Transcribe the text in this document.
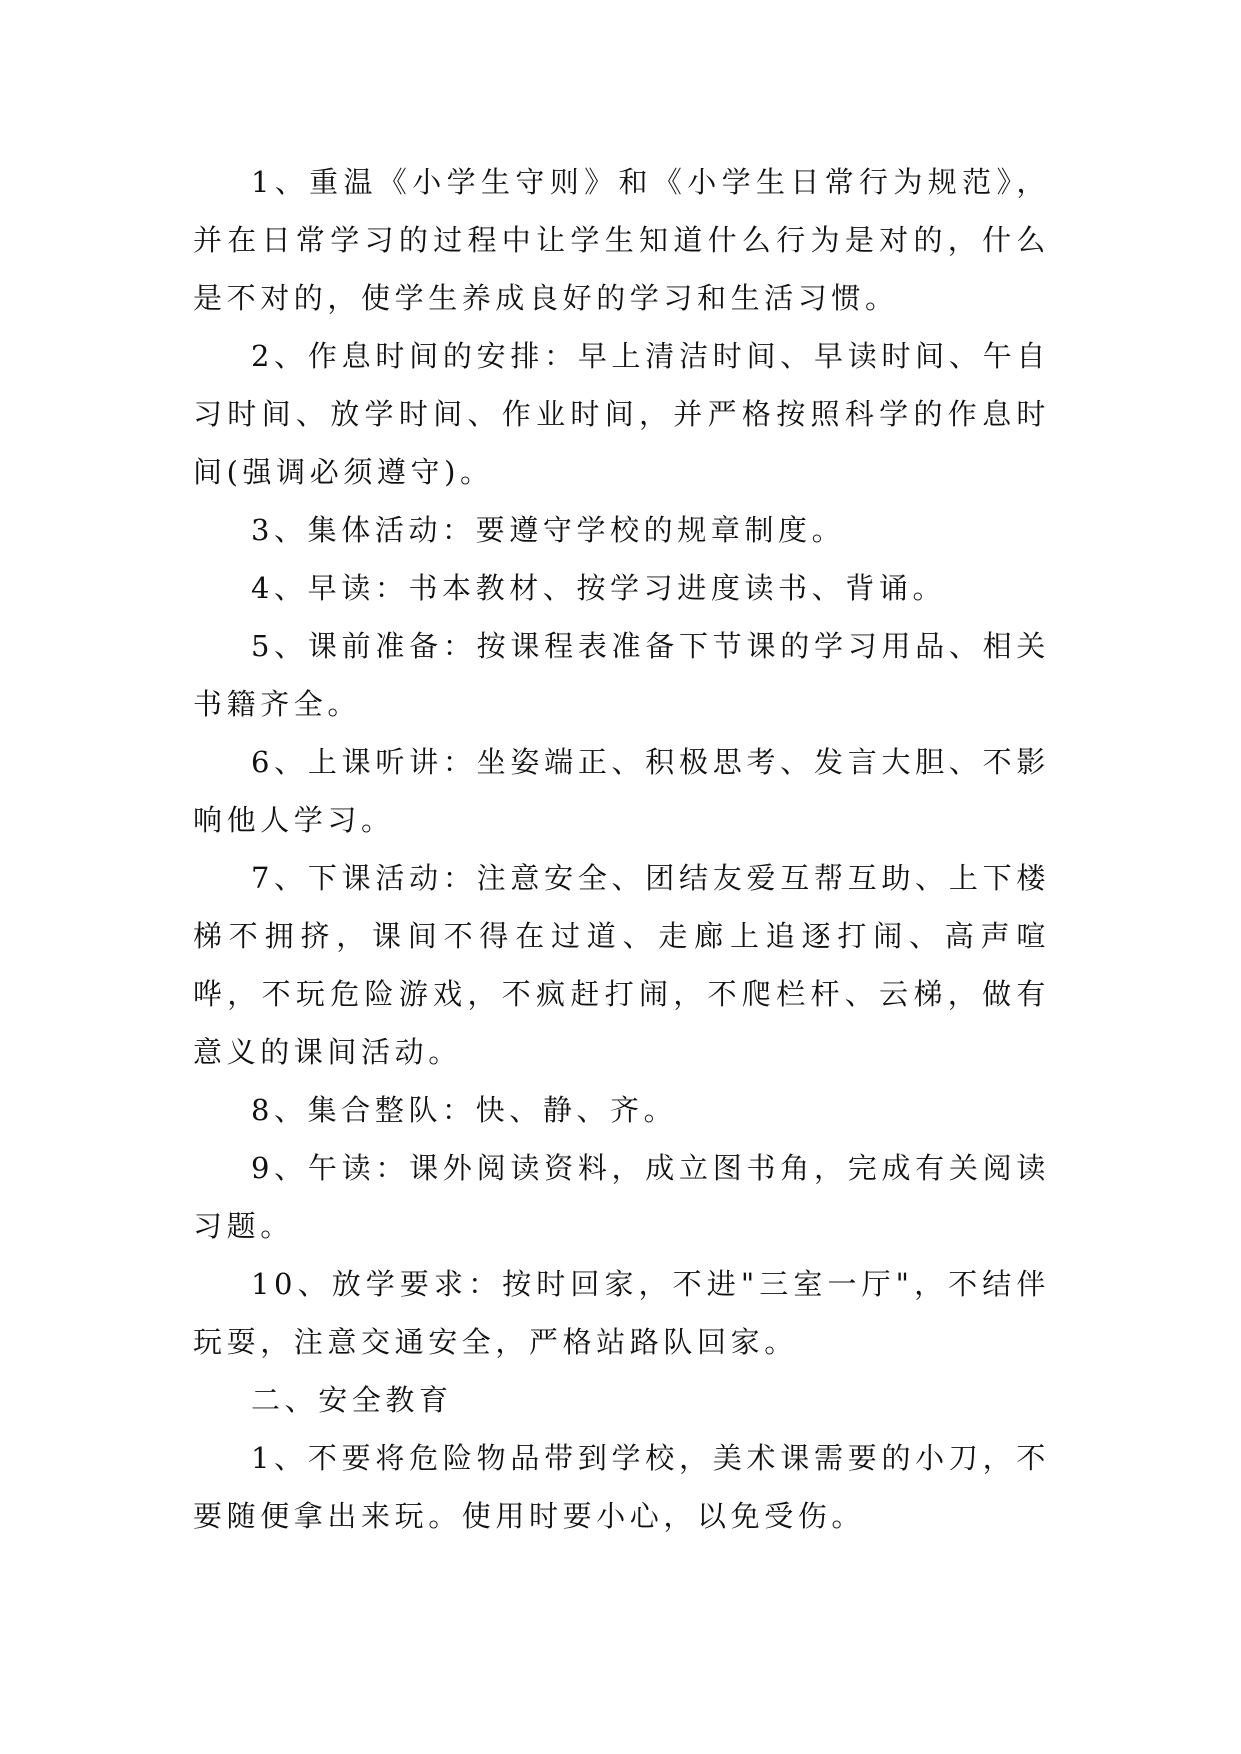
1、重温《小学生守则》和《小学生日常行为规范》，并在日常学习的过程中让学生知道什么行为是对的，什么是不对的，使学生养成良好的学习和生活习惯。

2、作息时间的安排：早上清洁时间、早读时间、午自习时间、放学时间、作业时间，并严格按照科学的作息时间(强调必须遵守)。

3、集体活动：要遵守学校的规章制度。

4、早读：书本教材、按学习进度读书、背诵。

5、课前准备：按课程表准备下节课的学习用品、相关书籍齐全。

6、上课听讲：坐姿端正、积极思考、发言大胆、不影响他人学习。

7、下课活动：注意安全、团结友爱互帮互助、上下楼梯不拥挤，课间不得在过道、走廊上追逐打闹、高声喧哗，不玩危险游戏，不疯赶打闹，不爬栏杆、云梯，做有意义的课间活动。

8、集合整队：快、静、齐。

9、午读：课外阅读资料，成立图书角，完成有关阅读习题。

10、放学要求：按时回家，不进"三室一厅"，不结伴玩耍，注意交通安全，严格站路队回家。

二、安全教育

1、不要将危险物品带到学校，美术课需要的小刀，不要随便拿出来玩。使用时要小心，以免受伤。
